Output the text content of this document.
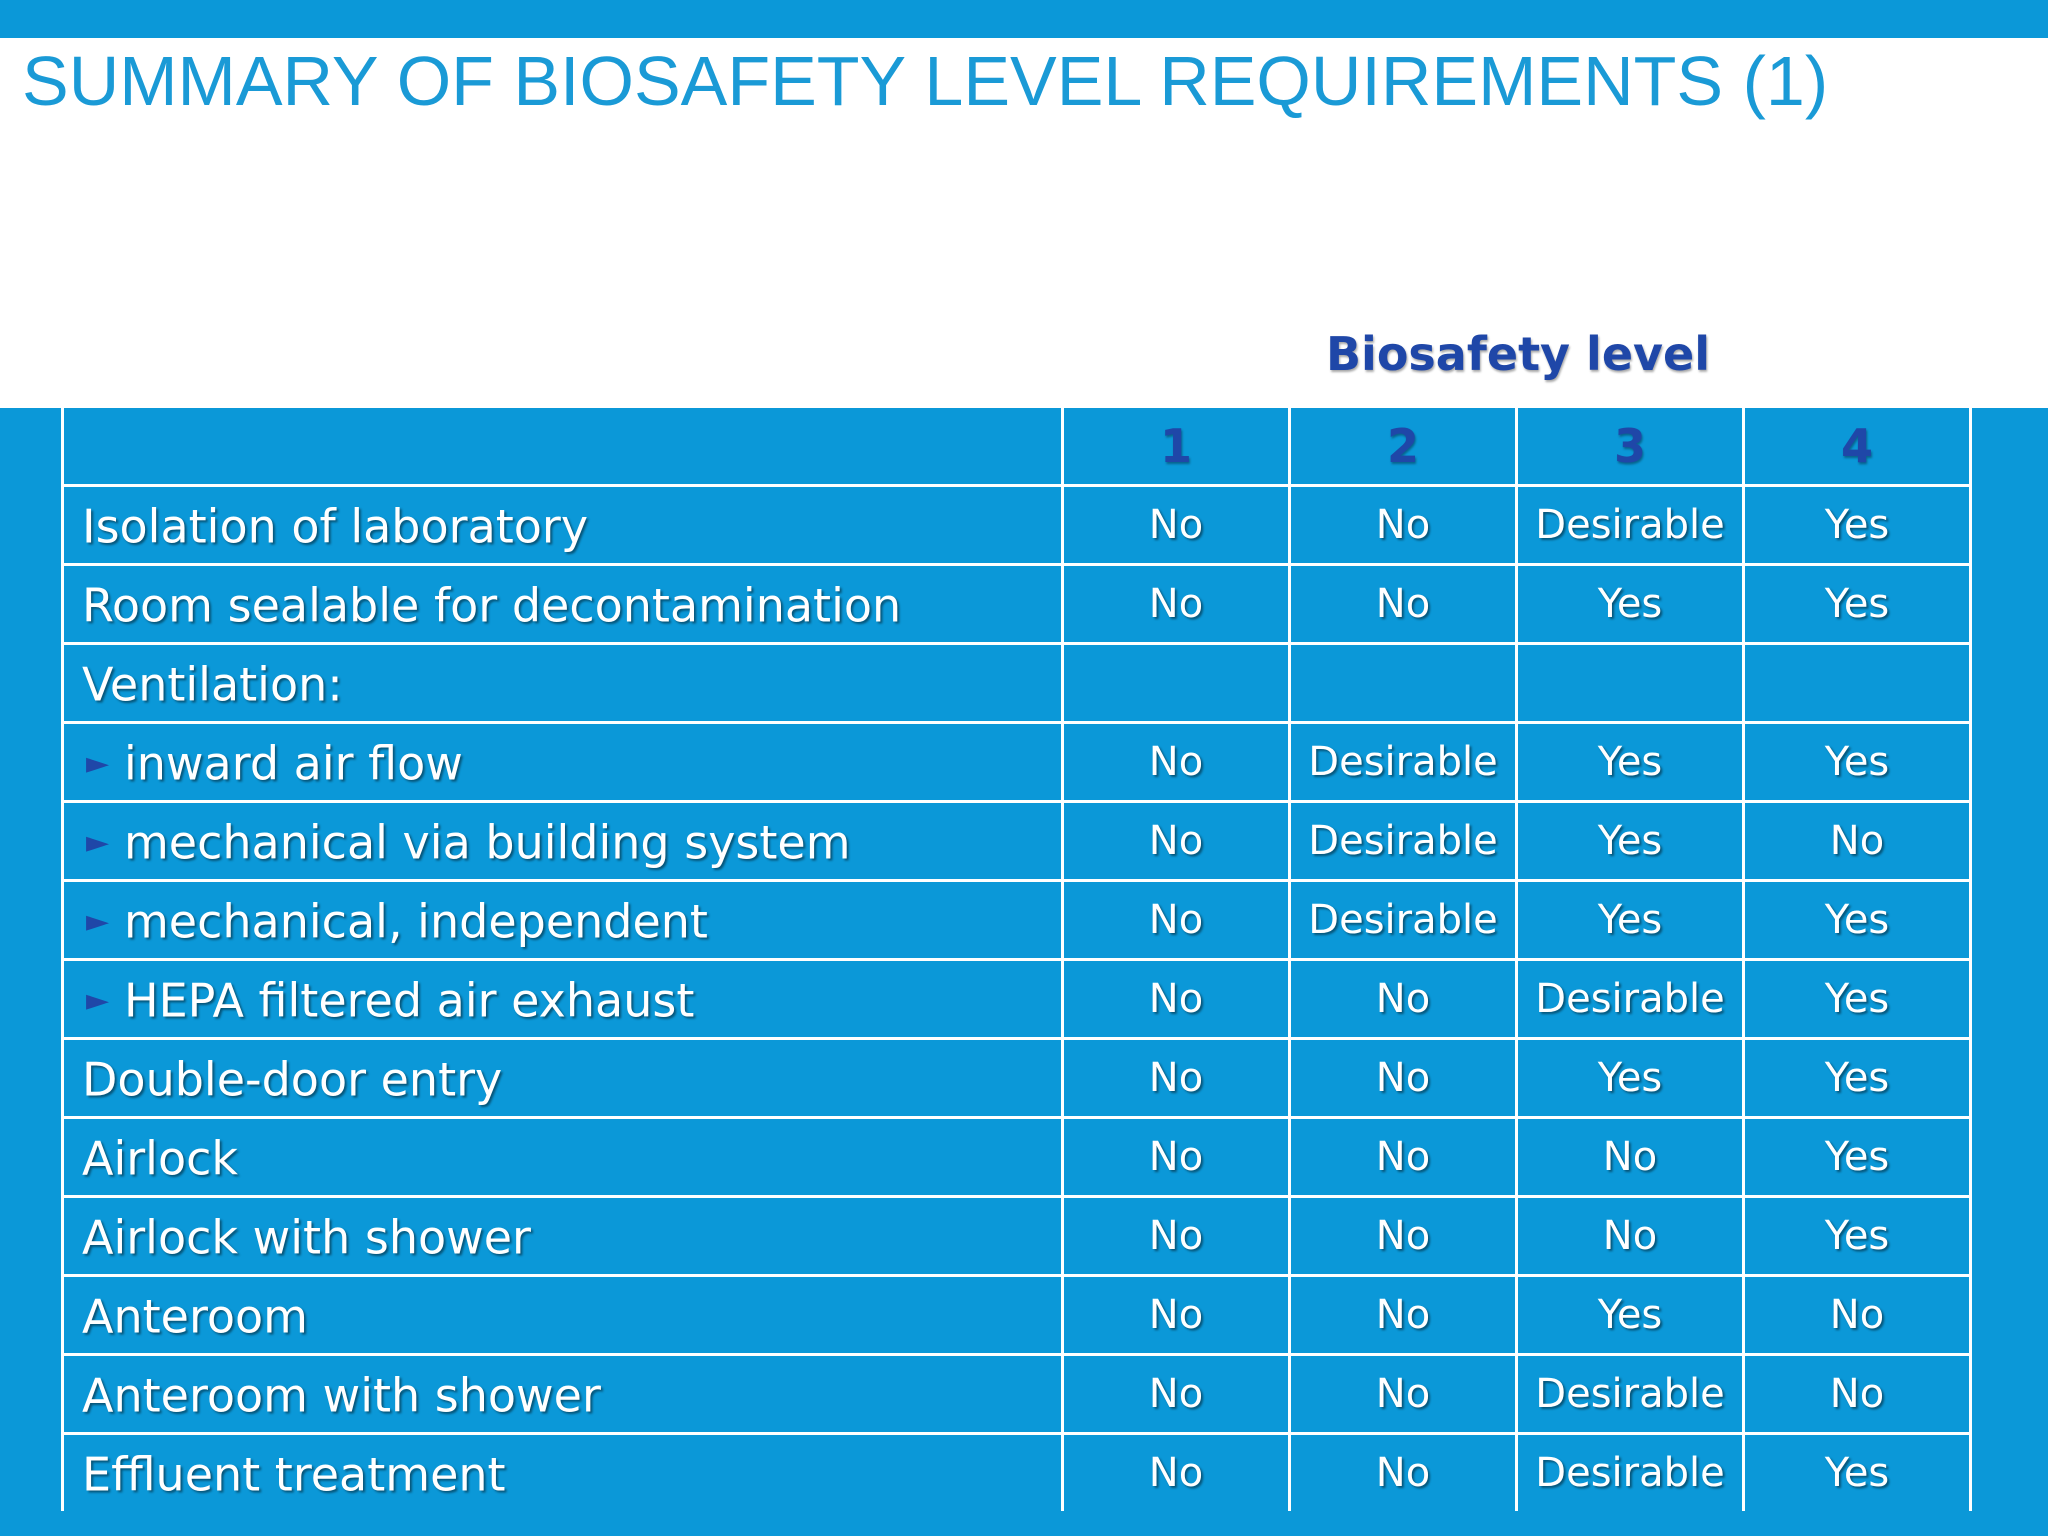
SUMMARY OF BIOSAFETY LEVEL REQUIREMENTS (1)
Biosafety level
	1	2	3	4
Isolation of laboratory	No	No	Desirable	Yes
Room sealable for decontamination	No	No	Yes	Yes
Ventilation:				
► inward air flow	No	Desirable	Yes	Yes
► mechanical via building system	No	Desirable	Yes	No
► mechanical, independent	No	Desirable	Yes	Yes
► HEPA filtered air exhaust	No	No	Desirable	Yes
Double-door entry	No	No	Yes	Yes
Airlock	No	No	No	Yes
Airlock with shower	No	No	No	Yes
Anteroom	No	No	Yes	No
Anteroom with shower	No	No	Desirable	No
Effluent treatment	No	No	Desirable	Yes
